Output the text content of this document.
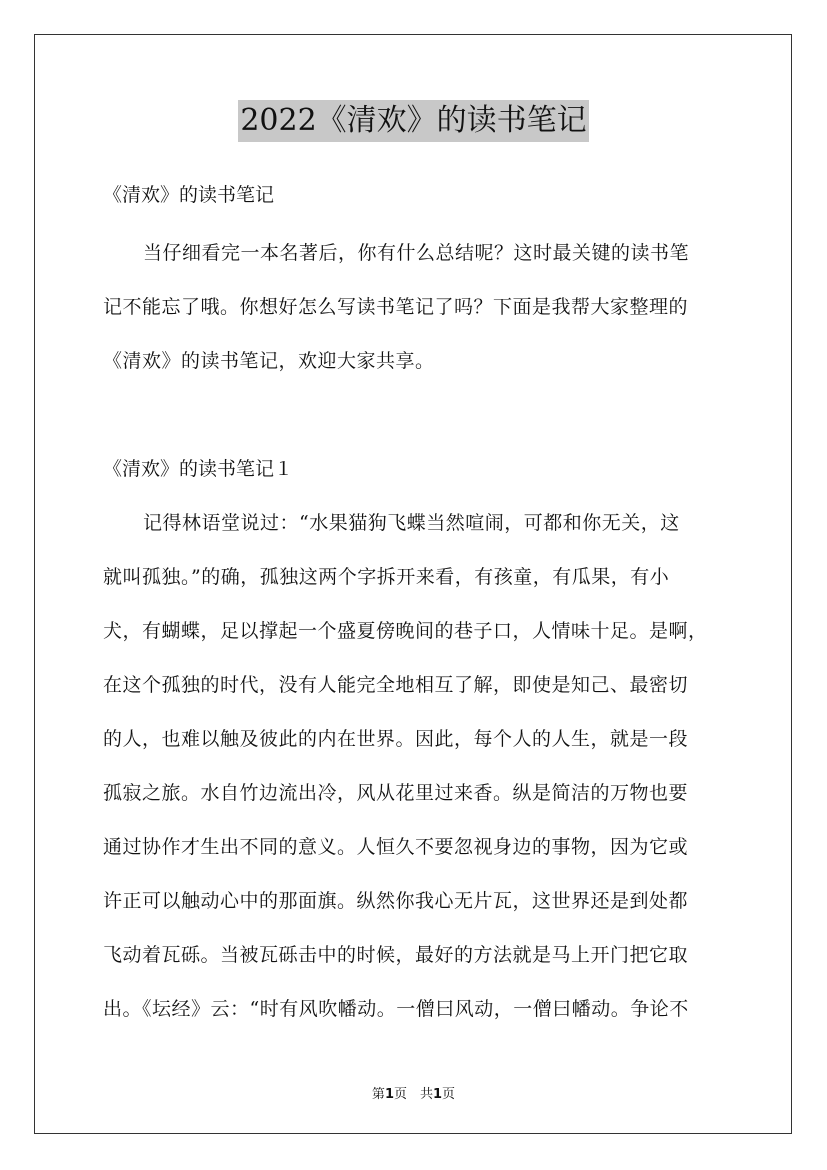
2022《清欢》的读书笔记
《清欢》的读书笔记
当仔细看完一本名著后，你有什么总结呢？这时最关键的读书笔
记不能忘了哦。你想好怎么写读书笔记了吗？下面是我帮大家整理的
《清欢》的读书笔记，欢迎大家共享。
《清欢》的读书笔记１
记得林语堂说过：“水果猫狗飞蝶当然喧闹，可都和你无关，这
就叫孤独。”的确，孤独这两个字拆开来看，有孩童，有瓜果，有小
犬，有蝴蝶，足以撑起一个盛夏傍晚间的巷子口，人情味十足。是啊，
在这个孤独的时代，没有人能完全地相互了解，即使是知己、最密切
的人，也难以触及彼此的内在世界。因此，每个人的人生，就是一段
孤寂之旅。水自竹边流出冷，风从花里过来香。纵是简洁的万物也要
通过协作才生出不同的意义。人恒久不要忽视身边的事物，因为它或
许正可以触动心中的那面旗。纵然你我心无片瓦，这世界还是到处都
飞动着瓦砾。当被瓦砾击中的时候，最好的方法就是马上开门把它取
出。《坛经》云：“时有风吹幡动。一僧曰风动，一僧曰幡动。争论不
第1页　共1页
